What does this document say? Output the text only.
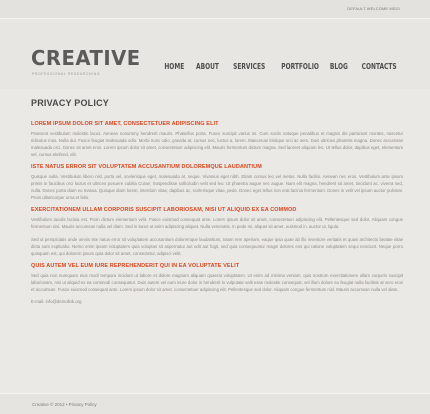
DEFAULT WELCOME MSG!
CREATIVE
PROFESSIONAL RESEARCHING
HOME ABOUT SERVICES PORTFOLIO BLOG CONTACTS
PRIVACY POLICY
LOREM IPSUM DOLOR SIT AMET, CONSECTETUER ADIPISCING ELIT

Praesent vestibulum molestie lacus. Aenean nonummy hendrerit mauris. Phasellus porta. Fusce suscipit varius mi. Cum sociis natoque penatibus et magnis dis parturient montes, nascetur ridiculus mus. Nulla dui. Fusce feugiat malesuada odio. Morbi nunc odio, gravida at, cursus nec, luctus a, lorem. Maecenas tristique orci ac sem. Duis ultricies pharetra magna. Donec accumsan malesuada orci. Donec sit amet eros. Lorem ipsum dolor sit amet, consectetuer adipiscing elit. Mauris fermentum dictum magna. Sed laoreet aliquam leo. Ut tellus dolor, dapibus eget, elementum vel, cursus eleifend, elit.

ISTE NATUS ERROR SIT VOLUPTATEM ACCUSANTIUM DOLOREMQUE LAUDANTIUM

Quisque nulla. Vestibulum libero nisl, porta vel, scelerisque eget, malesuada at, neque. Vivamus eget nibh. Etiam cursus leo vel metus. Nulla facilisi. Aenean nec eros. Vestibulum ante ipsum primis in faucibus orci luctus et ultrices posuere cubilia Curae; Suspendisse sollicitudin velit sed leo. Ut pharetra augue nec augue. Nam elit magna, hendrerit sit amet, tincidunt ac, viverra sed, nulla. Donec porta diam eu massa. Quisque diam lorem, interdum vitae, dapibus ac, scelerisque vitae, pede. Donec eget tellus non erat lacinia fermentum. Donec in velit vel ipsum auctor pulvinar. Proin ullamcorper urna et felis.

EXERCITATIONEM ULLAM CORPORIS SUSCIPIT LABORIOSAM, NISI UT ALIQUID EX EA COMMOD

Vestibulum iaculis lacinia est. Proin dictum elementum velit. Fusce euismod consequat ante. Lorem ipsum dolor sit amet, consectetuer adipiscing elit. Pellentesque sed dolor. Aliquam congue fermentum nisl. Mauris accumsan nulla vel diam. Sed in lacus ut enim adipiscing aliquet. Nulla venenatis. In pede mi, aliquet sit amet, euismod in, auctor ut, ligula.

Sed ut perspiciatis unde omnis iste natus error sit voluptatem accusantium doloremque laudantium, totam rem aperiam, eaque ipsa quae ab illo inventore veritatis et quasi architecto beatae vitae dicta sunt explicabo. Nemo enim ipsam voluptatem quia voluptas sit aspernatur aut odit aut fugit, sed quia consequuntur magni dolores eos qui ratione voluptatem sequi nesciunt. Neque porro quisquam est, qui dolorem ipsum quia dolor sit amet, consectetur, adipisci velit.

QUIS AUTEM VEL EUM IURE REPREHENDERIT QUI IN EA VOLUPTATE VELIT

Sed quia non numquam eius modi tempora incidunt ut labore et dolore magnam aliquam quaerat voluptatem. Ut enim ad minima veniam, quis nostrum exercitationem ullam corporis suscipit laboriosam, nisi ut aliquid ex ea commodi consequatur. Duis autem vel eum iriure dolor in hendrerit in vulputate velit esse molestie consequat, vel illum dolore eu feugiat nulla facilisis at vero eros et accumsan. Fusce euismod consequat ante. Lorem ipsum dolor sit amet, consectetuer adipiscing elit. Pellentesque sed dolor. Aliquam congue fermentum nisl. Mauris accumsan nulla vel diam.

E-mail: info@demolink.org

Creative © 2012 • Privacy Policy
